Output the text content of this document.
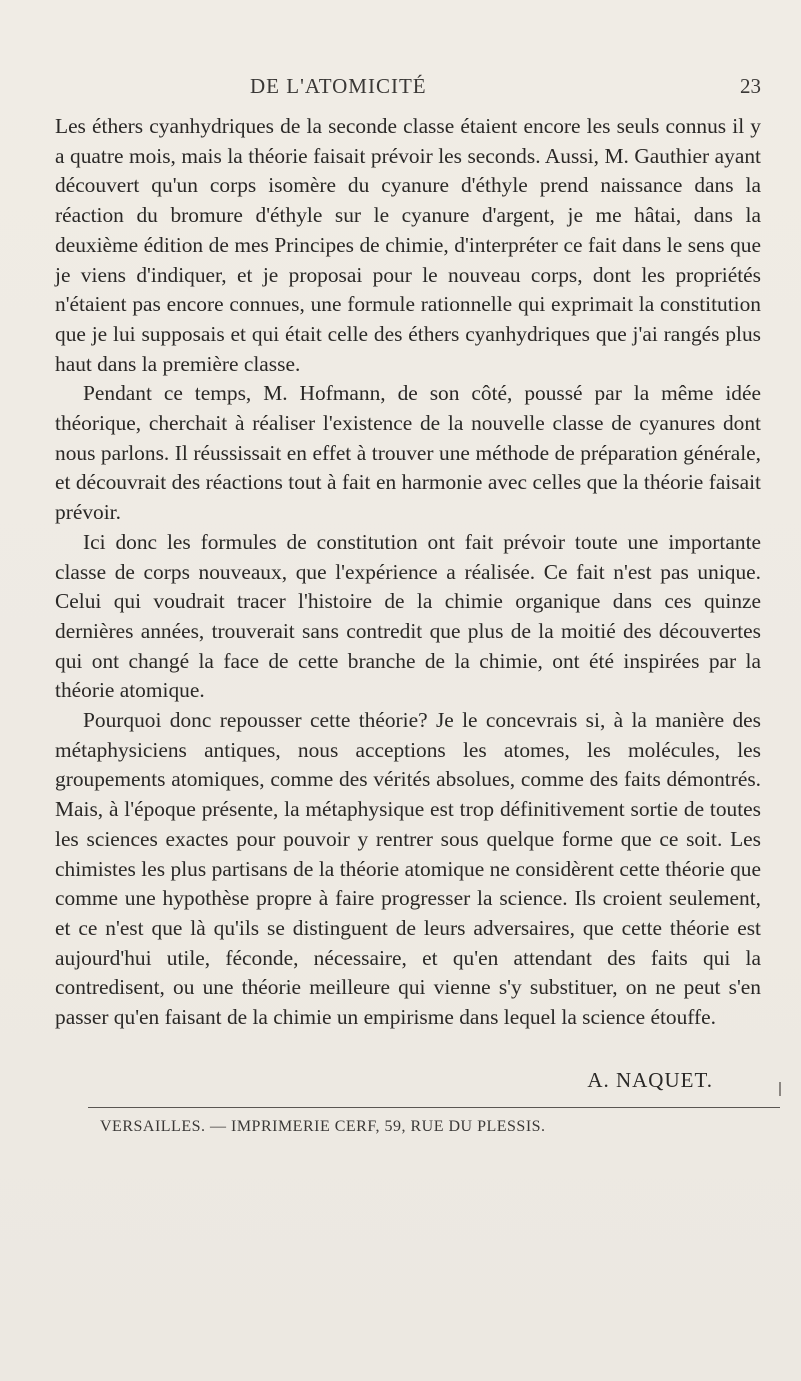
DE L'ATOMICITÉ	23

Les éthers cyanhydriques de la seconde classe étaient encore les seuls connus il y a quatre mois, mais la théorie faisait prévoir les seconds. Aussi, M. Gauthier ayant découvert qu'un corps isomère du cyanure d'éthyle prend naissance dans la réaction du bromure d'éthyle sur le cyanure d'argent, je me hâtai, dans la deuxième édition de mes Principes de chimie, d'interpréter ce fait dans le sens que je viens d'indiquer, et je proposai pour le nouveau corps, dont les propriétés n'étaient pas encore connues, une formule rationnelle qui exprimait la constitution que je lui supposais et qui était celle des éthers cyanhydriques que j'ai rangés plus haut dans la première classe.

Pendant ce temps, M. Hofmann, de son côté, poussé par la même idée théorique, cherchait à réaliser l'existence de la nouvelle classe de cyanures dont nous parlons. Il réussissait en effet à trouver une méthode de préparation générale, et découvrait des réactions tout à fait en harmonie avec celles que la théorie faisait prévoir.

Ici donc les formules de constitution ont fait prévoir toute une importante classe de corps nouveaux, que l'expérience a réalisée. Ce fait n'est pas unique. Celui qui voudrait tracer l'histoire de la chimie organique dans ces quinze dernières années, trouverait sans contredit que plus de la moitié des découvertes qui ont changé la face de cette branche de la chimie, ont été inspirées par la théorie atomique.

Pourquoi donc repousser cette théorie? Je le concevrais si, à la manière des métaphysiciens antiques, nous acceptions les atomes, les molécules, les groupements atomiques, comme des vérités absolues, comme des faits démontrés. Mais, à l'époque présente, la métaphysique est trop définitivement sortie de toutes les sciences exactes pour pouvoir y rentrer sous quelque forme que ce soit. Les chimistes les plus partisans de la théorie atomique ne considèrent cette théorie que comme une hypothèse propre à faire progresser la science. Ils croient seulement, et ce n'est que là qu'ils se distinguent de leurs adversaires, que cette théorie est aujourd'hui utile, féconde, nécessaire, et qu'en attendant des faits qui la contredisent, ou une théorie meilleure qui vienne s'y substituer, on ne peut s'en passer qu'en faisant de la chimie un empirisme dans lequel la science étouffe.

A. NAQUET.
VERSAILLES. — IMPRIMERIE CERF, 59, RUE DU PLESSIS.
